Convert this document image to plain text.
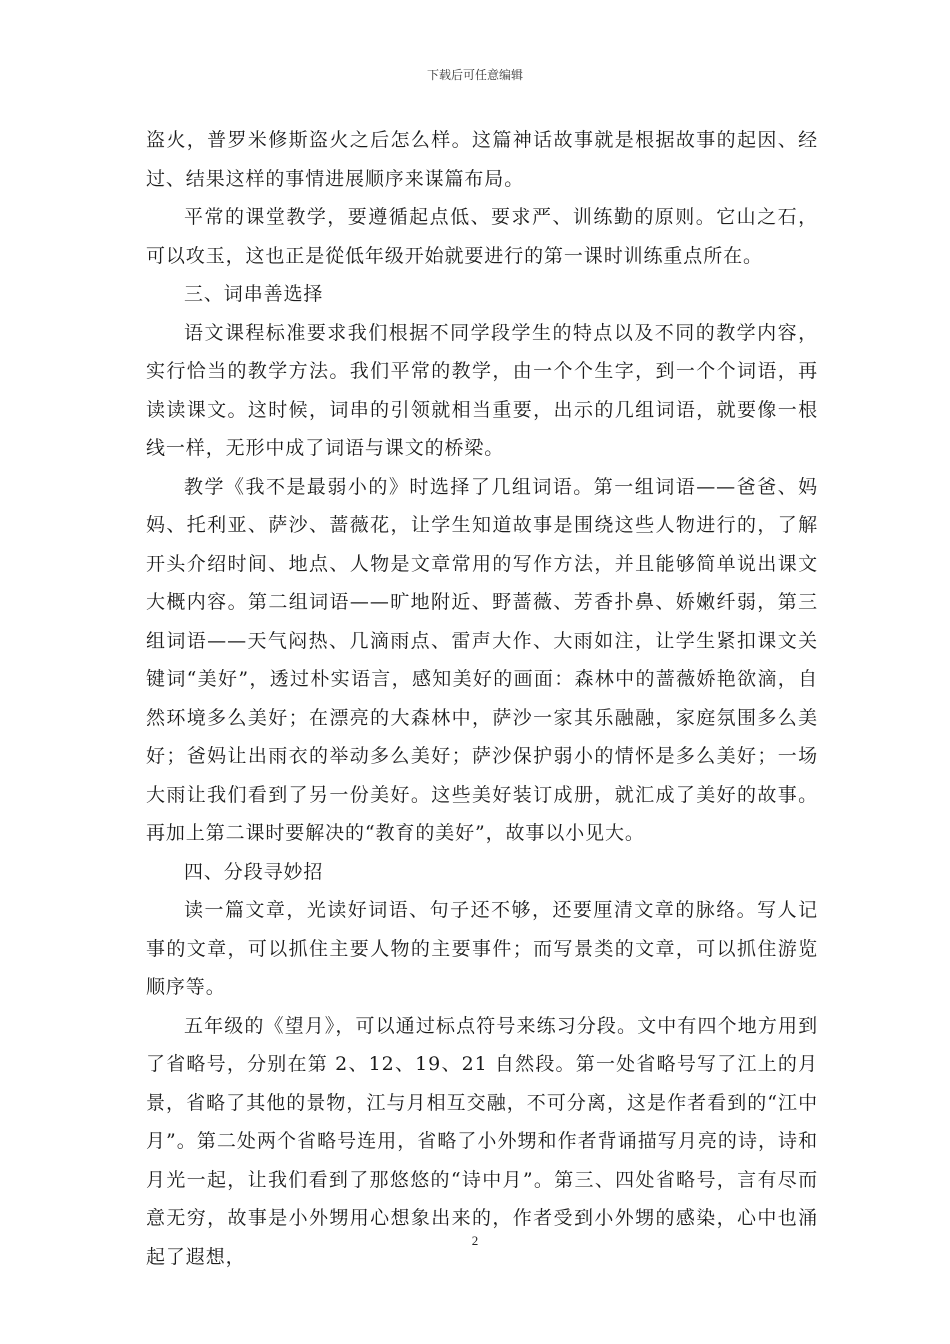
下载后可任意编辑

盗火，普罗米修斯盗火之后怎么样。这篇神话故事就是根据故事的起因、经过、结果这样的事情进展顺序来谋篇布局。

平常的课堂教学，要遵循起点低、要求严、训练勤的原则。它山之石，可以攻玉，这也正是從低年级开始就要进行的第一课时训练重点所在。

三、词串善选择

语文课程标准要求我们根据不同学段学生的特点以及不同的教学内容，实行恰当的教学方法。我们平常的教学，由一个个生字，到一个个词语，再读读课文。这时候，词串的引领就相当重要，出示的几组词语，就要像一根线一样，无形中成了词语与课文的桥梁。

教学《我不是最弱小的》时选择了几组词语。第一组词语——爸爸、妈妈、托利亚、萨沙、蔷薇花，让学生知道故事是围绕这些人物进行的，了解开头介绍时间、地点、人物是文章常用的写作方法，并且能够简单说出课文大概内容。第二组词语——旷地附近、野蔷薇、芳香扑鼻、娇嫩纤弱，第三组词语——天气闷热、几滴雨点、雷声大作、大雨如注，让学生紧扣课文关键词“美好”，透过朴实语言，感知美好的画面：森林中的蔷薇娇艳欲滴，自然环境多么美好；在漂亮的大森林中，萨沙一家其乐融融，家庭氛围多么美好；爸妈让出雨衣的举动多么美好；萨沙保护弱小的情怀是多么美好；一场大雨让我们看到了另一份美好。这些美好装订成册，就汇成了美好的故事。再加上第二课时要解决的“教育的美好”，故事以小见大。

四、分段寻妙招

读一篇文章，光读好词语、句子还不够，还要厘清文章的脉络。写人记事的文章，可以抓住主要人物的主要事件；而写景类的文章，可以抓住游览顺序等。

五年级的《望月》，可以通过标点符号来练习分段。文中有四个地方用到了省略号，分别在第 2、12、19、21 自然段。第一处省略号写了江上的月景，省略了其他的景物，江与月相互交融，不可分离，这是作者看到的“江中月”。第二处两个省略号连用，省略了小外甥和作者背诵描写月亮的诗，诗和月光一起，让我们看到了那悠悠的“诗中月”。第三、四处省略号，言有尽而意无穷，故事是小外甥用心想象出来的，作者受到小外甥的感染，心中也涌起了遐想，

2
